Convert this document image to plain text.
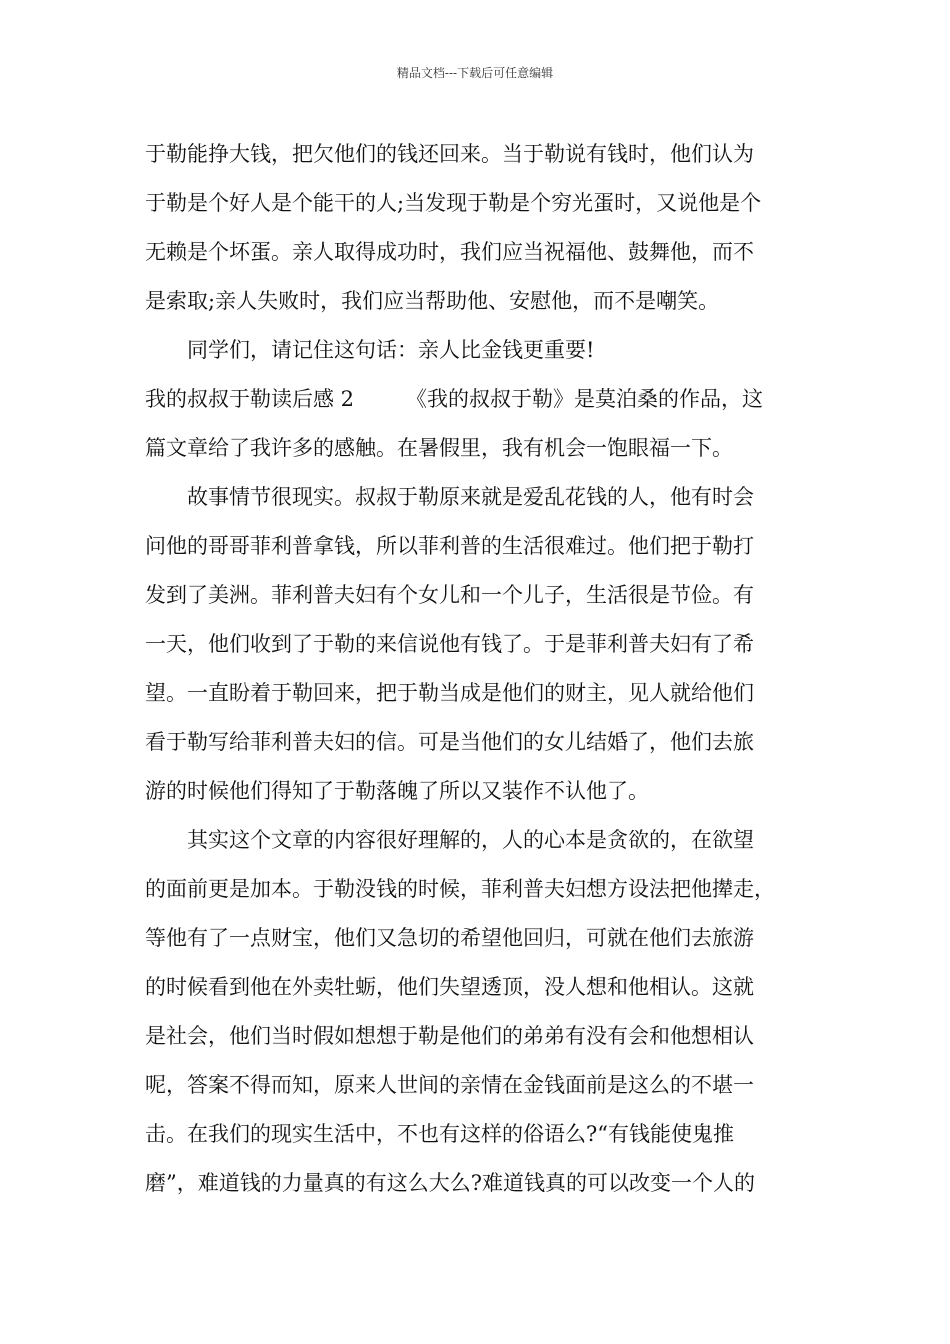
精品文档---下载后可任意编辑
于勒能挣大钱，把欠他们的钱还回来。当于勒说有钱时，他们认为
于勒是个好人是个能干的人;当发现于勒是个穷光蛋时，又说他是个
无赖是个坏蛋。亲人取得成功时，我们应当祝福他、鼓舞他，而不
是索取;亲人失败时，我们应当帮助他、安慰他，而不是嘲笑。
同学们，请记住这句话：亲人比金钱更重要!
我的叔叔于勒读后感 2 《我的叔叔于勒》是莫泊桑的作品，这
篇文章给了我许多的感触。在暑假里，我有机会一饱眼福一下。
故事情节很现实。叔叔于勒原来就是爱乱花钱的人，他有时会
问他的哥哥菲利普拿钱，所以菲利普的生活很难过。他们把于勒打
发到了美洲。菲利普夫妇有个女儿和一个儿子，生活很是节俭。有
一天，他们收到了于勒的来信说他有钱了。于是菲利普夫妇有了希
望。一直盼着于勒回来，把于勒当成是他们的财主，见人就给他们
看于勒写给菲利普夫妇的信。可是当他们的女儿结婚了，他们去旅
游的时候他们得知了于勒落魄了所以又装作不认他了。
其实这个文章的内容很好理解的，人的心本是贪欲的，在欲望
的面前更是加本。于勒没钱的时候，菲利普夫妇想方设法把他撵走，
等他有了一点财宝，他们又急切的希望他回归，可就在他们去旅游
的时候看到他在外卖牡蛎，他们失望透顶，没人想和他相认。这就
是社会，他们当时假如想想于勒是他们的弟弟有没有会和他想相认
呢，答案不得而知，原来人世间的亲情在金钱面前是这么的不堪一
击。在我们的现实生活中，不也有这样的俗语么?“有钱能使鬼推
磨”，难道钱的力量真的有这么大么?难道钱真的可以改变一个人的
